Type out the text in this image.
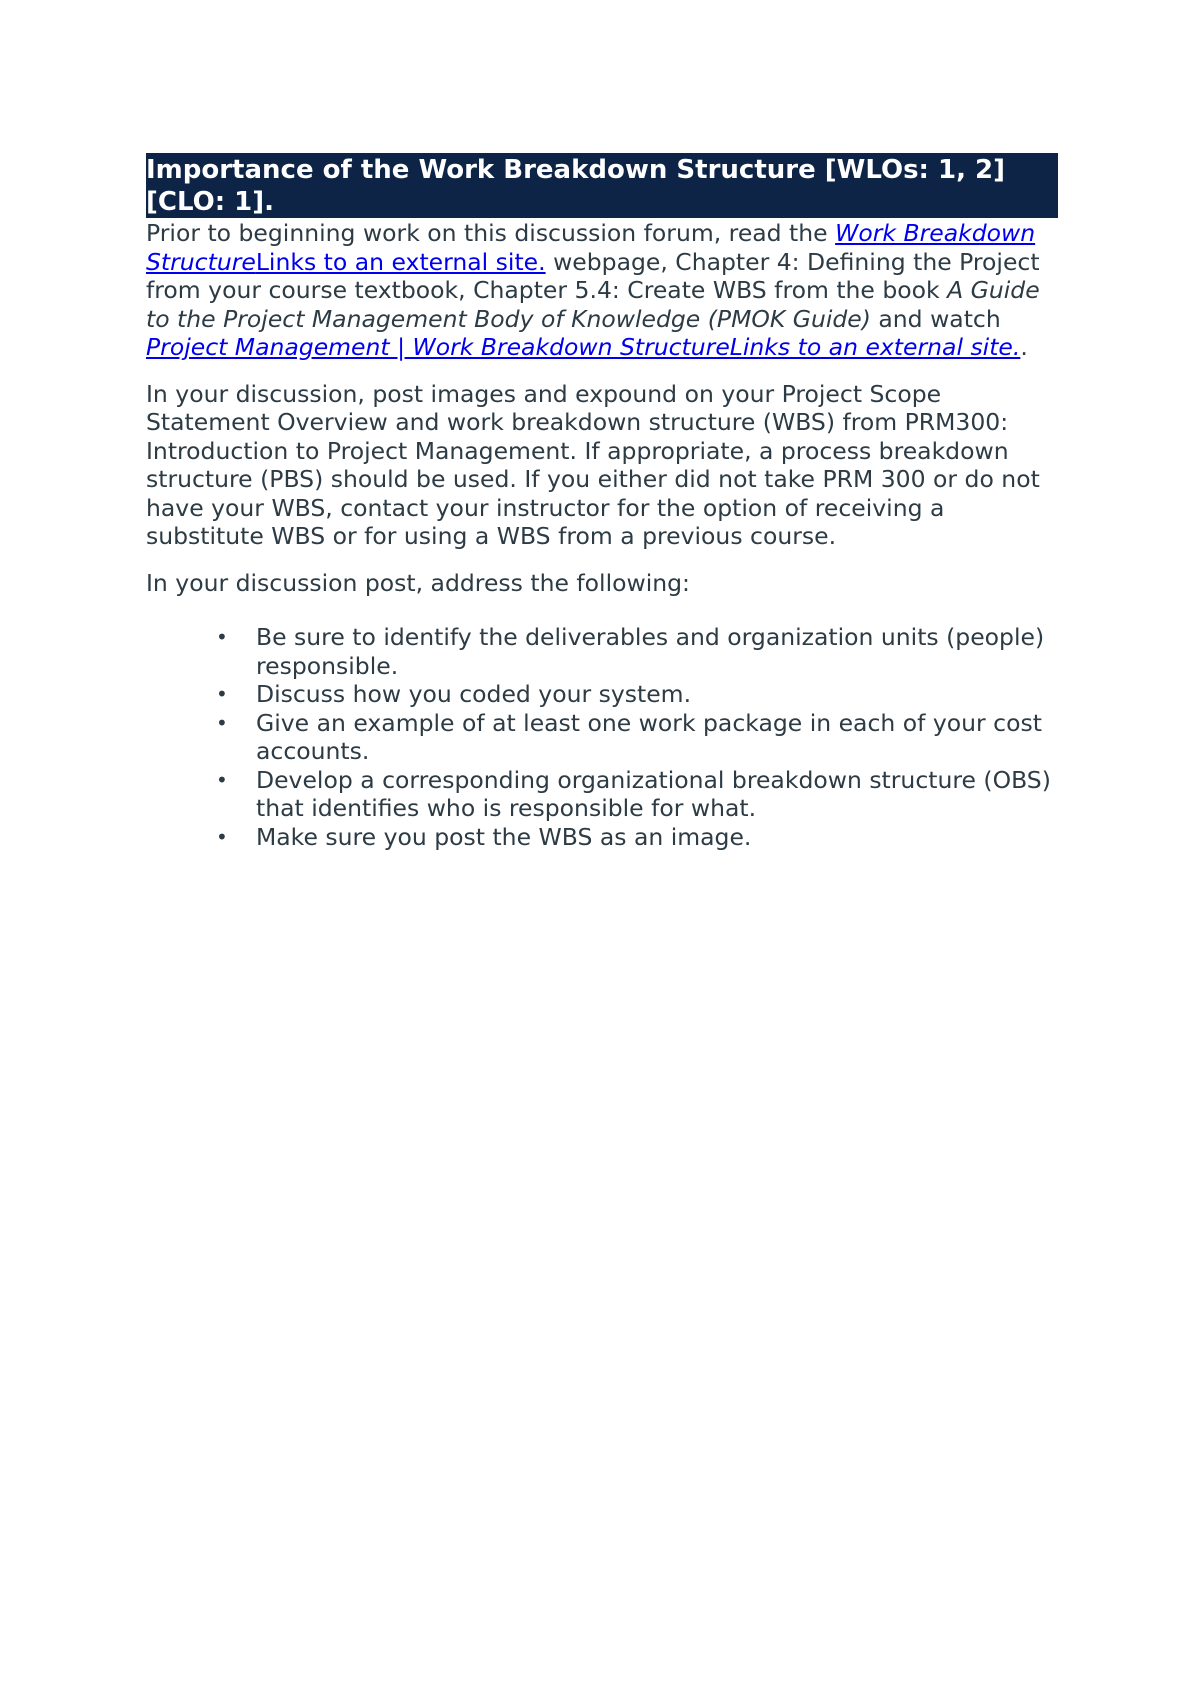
Importance of the Work Breakdown Structure [WLOs: 1, 2] [CLO: 1].

Prior to beginning work on this discussion forum, read the Work Breakdown StructureLinks to an external site. webpage, Chapter 4: Defining the Project from your course textbook, Chapter 5.4: Create WBS from the book A Guide to the Project Management Body of Knowledge (PMOK Guide) and watch Project Management | Work Breakdown StructureLinks to an external site..

In your discussion, post images and expound on your Project Scope Statement Overview and work breakdown structure (WBS) from PRM300: Introduction to Project Management. If appropriate, a process breakdown structure (PBS) should be used. If you either did not take PRM 300 or do not have your WBS, contact your instructor for the option of receiving a substitute WBS or for using a WBS from a previous course.

In your discussion post, address the following:

• Be sure to identify the deliverables and organization units (people) responsible.
• Discuss how you coded your system.
• Give an example of at least one work package in each of your cost accounts.
• Develop a corresponding organizational breakdown structure (OBS) that identifies who is responsible for what.
• Make sure you post the WBS as an image.
